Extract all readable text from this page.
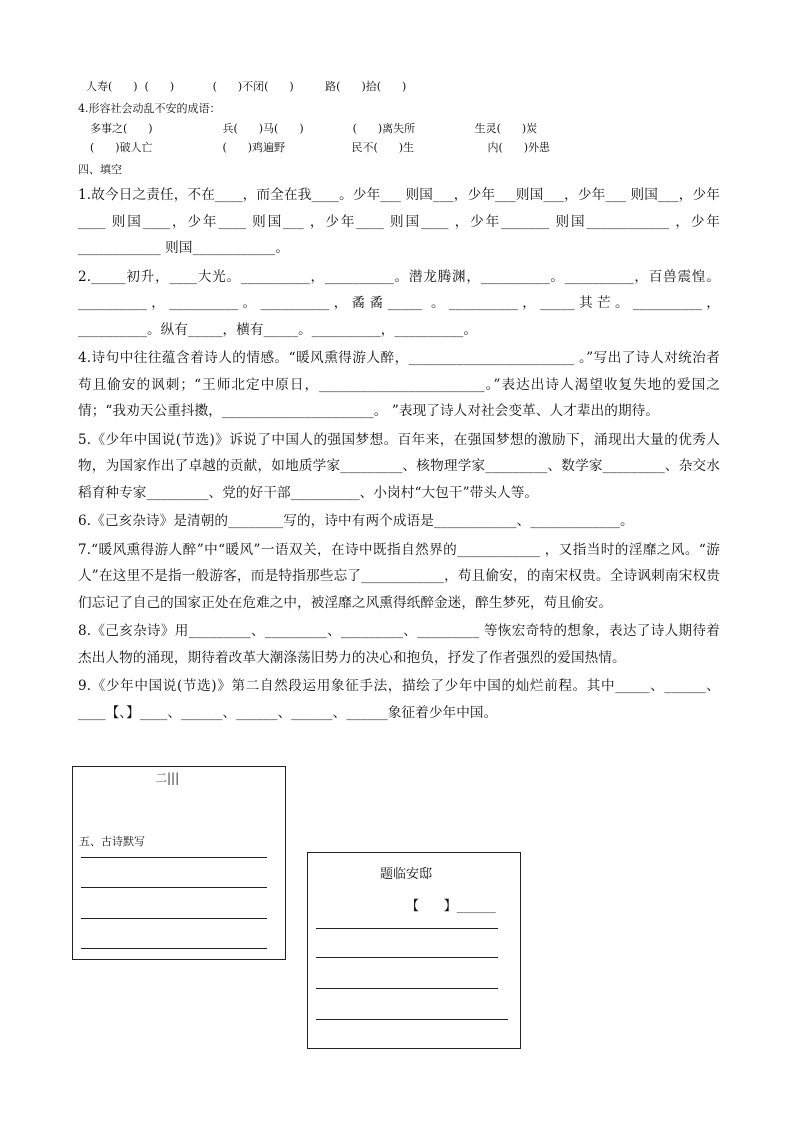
人寿(      )  (      )           (      )不闭(      )         路(      )拾(      )
4.形容社会动乱不安的成语：
多事之(      )                    兵(      )马(      )              (      )离失所                 生灵(      )炭
(      )破人亡                    (      )鸡遍野                   民不(      )生                     内(      )外患
四、填空

1.故今日之责任，不在____，而全在我____。少年___ 则国___，少年___则国___，少年___ 则国___，少年____ 则国____，少年____ 则国___ ，少年____ 则国____ ，少年_______ 则国____________ ，少年____________ 则国____________。

2._____初升，____大光。__________，__________。潜龙腾渊，__________。__________，百兽震惶。__________，__________。__________，矞矞_____ 。__________，_____其芒。__________，__________。纵有_____，横有_____。__________，__________。

4.诗句中往往蕴含着诗人的情感。“暖风熏得游人醉，________________________ 。”写出了诗人对统治者苟且偷安的讽刺；“王师北定中原日，________________________。”表达出诗人渴望收复失地的爱国之情；“我劝天公重抖擞，______________________。 ”表现了诗人对社会变革、人才辈出的期待。

5.《少年中国说(节选)》诉说了中国人的强国梦想。百年来，在强国梦想的激励下，涌现出大量的优秀人物，为国家作出了卓越的贡献，如地质学家_________、核物理学家_________、数学家_________、杂交水稻育种专家_________、党的好干部__________、小岗村“大包干”带头人等。

6.《己亥杂诗》是清朝的________写的，诗中有两个成语是____________、_____________。

7.“暖风熏得游人醉”中“暖风”一语双关，在诗中既指自然界的____________ ，又指当时的淫靡之风。“游人”在这里不是指一般游客，而是特指那些忘了____________，苟且偷安，的南宋权贵。全诗讽刺南宋权贵们忘记了自己的国家正处在危难之中，被淫靡之风熏得纸醉金迷，醉生梦死，苟且偷安。

8.《己亥杂诗》用_________、_________、_________、_________ 等恢宏奇特的想象，表达了诗人期待着杰出人物的涌现，期待着改革大潮涤荡旧势力的决心和抱负，抒发了作者强烈的爱国热情。

9.《少年中国说(节选)》第二自然段运用象征手法，描绘了少年中国的灿烂前程。其中_____、______、____【、】____、______、______、______、______象征着少年中国。

二|||
五、古诗默写
题临安邸
【      】______
